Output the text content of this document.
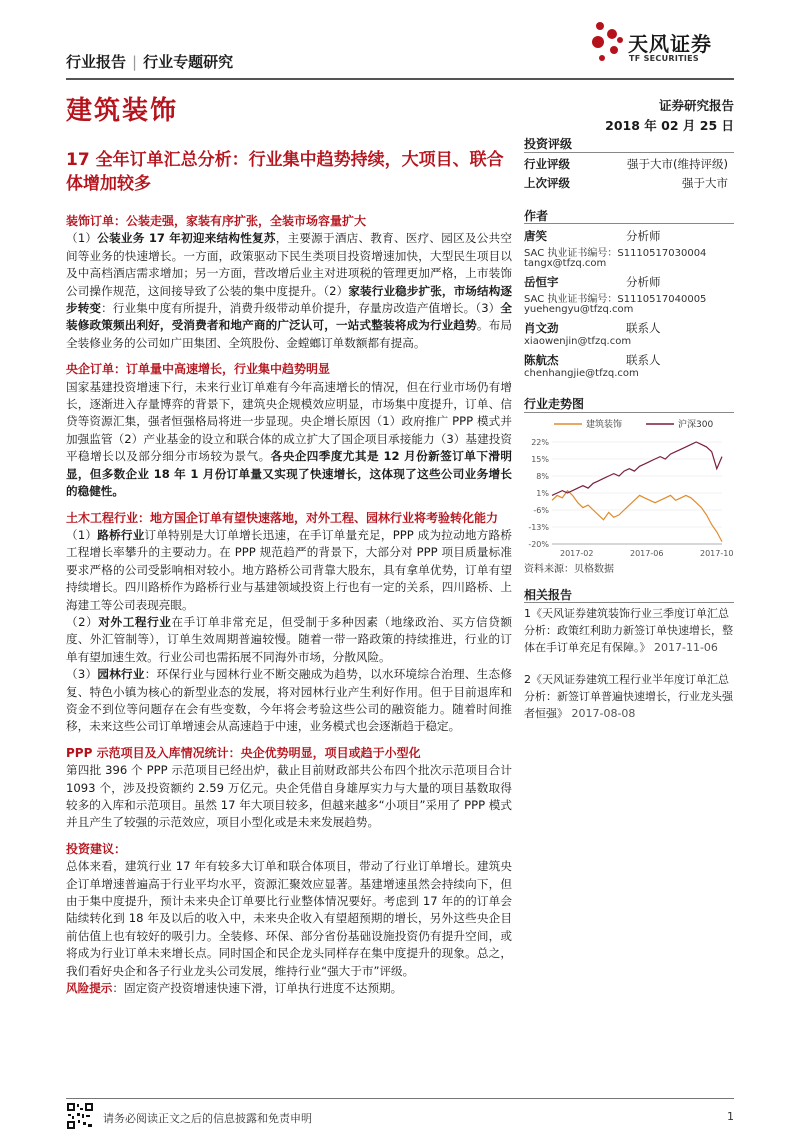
行业报告 | 行业专题研究
天风证券
TF SECURITIES
建筑装饰	证券研究报告
2018 年 02 月 25 日
17 全年订单汇总分析：行业集中趋势持续，大项目、联合体增加较多
投资评级
行业评级	强于大市(维持评级)
上次评级	强于大市
作者
唐笑	分析师
SAC 执业证书编号：S1110517030004
tangx@tfzq.com
岳恒宇	分析师
SAC 执业证书编号：S1110517040005
yuehengyu@tfzq.com
肖文劲	联系人
xiaowenjin@tfzq.com
陈航杰	联系人
chenhangjie@tfzq.com
行业走势图
建筑装饰	沪深300
22%
15%
8%
1%
-6%
-13%
-20%
2017-02	2017-06	2017-10
资料来源：贝格数据
相关报告
1《天风证券建筑装饰行业三季度订单汇总分析：政策红利助力新签订单快速增长，整体在手订单充足有保障。》 2017-11-06
2《天风证券建筑工程行业半年度订单汇总分析：新签订单普遍快速增长，行业龙头强者恒强》 2017-08-08

装饰订单：公装走强，家装有序扩张，全装市场容量扩大

（1）公装业务 17 年初迎来结构性复苏，主要源于酒店、教育、医疗、园区及公共空间等业务的快速增长。一方面，政策驱动下民生类项目投资增速加快，大型民生项目以及中高档酒店需求增加；另一方面，营改增后业主对进项税的管理更加严格，上市装饰公司操作规范，这间接导致了公装的集中度提升。（2）家装行业稳步扩张，市场结构逐步转变：行业集中度有所提升，消费升级带动单价提升，存量房改造产值增长。（3）全装修政策频出利好，受消费者和地产商的广泛认可，一站式整装将成为行业趋势。布局全装修业务的公司如广田集团、全筑股份、金螳螂订单数额都有提高。

央企订单：订单量中高速增长，行业集中趋势明显

国家基建投资增速下行，未来行业订单难有今年高速增长的情况，但在行业市场仍有增长，逐渐进入存量博弈的背景下，建筑央企规模效应明显，市场集中度提升，订单、信贷等资源汇集，强者恒强格局将进一步显现。央企增长原因（1）政府推广 PPP 模式并加强监管（2）产业基金的设立和联合体的成立扩大了国企项目承接能力（3）基建投资平稳增长以及部分细分市场较为景气。各央企四季度尤其是 12 月份新签订单下滑明显，但多数企业 18 年 1 月份订单量又实现了快速增长，这体现了这些公司业务增长的稳健性。

土木工程行业：地方国企订单有望快速落地，对外工程、园林行业将考验转化能力

（1）路桥行业订单特别是大订单增长迅速，在手订单量充足，PPP 成为拉动地方路桥工程增长率攀升的主要动力。在 PPP 规范趋严的背景下，大部分对 PPP 项目质量标准要求严格的公司受影响相对较小。地方路桥公司背靠大股东，具有拿单优势，订单有望持续增长。四川路桥作为路桥行业与基建领域投资上行也有一定的关系，四川路桥、上海建工等公司表现亮眼。

（2）对外工程行业在手订单非常充足，但受制于多种因素（地缘政治、买方信贷额度、外汇管制等），订单生效周期普遍较慢。随着一带一路政策的持续推进，行业的订单有望加速生效。行业公司也需拓展不同海外市场，分散风险。

（3）园林行业：环保行业与园林行业不断交融成为趋势，以水环境综合治理、生态修复、特色小镇为核心的新型业态的发展，将对园林行业产生利好作用。但于目前退库和资金不到位等问题存在会有些变数，今年将会考验这些公司的融资能力。随着时间推移，未来这些公司订单增速会从高速趋于中速，业务模式也会逐渐趋于稳定。

PPP 示范项目及入库情况统计：央企优势明显，项目或趋于小型化

第四批 396 个 PPP 示范项目已经出炉，截止目前财政部共公布四个批次示范项目合计 1093 个，涉及投资额约 2.59 万亿元。央企凭借自身雄厚实力与大量的项目基数取得较多的入库和示范项目。虽然 17 年大项目较多，但越来越多“小项目”采用了 PPP 模式并且产生了较强的示范效应，项目小型化或是未来发展趋势。

投资建议：

总体来看，建筑行业 17 年有较多大订单和联合体项目，带动了行业订单增长。建筑央企订单增速普遍高于行业平均水平，资源汇聚效应显著。基建增速虽然会持续向下，但由于集中度提升，预计未来央企订单要比行业整体情况要好。考虑到 17 年的的订单会陆续转化到 18 年及以后的收入中，未来央企收入有望超预期的增长，另外这些央企目前估值上也有较好的吸引力。全装修、环保、部分省份基础设施投资仍有提升空间，或将成为行业订单未来增长点。同时国企和民企龙头同样存在集中度提升的现象。总之，我们看好央企和各子行业龙头公司发展，维持行业“强大于市”评级。

风险提示：固定资产投资增速快速下滑，订单执行进度不达预期。

请务必阅读正文之后的信息披露和免责申明	1
